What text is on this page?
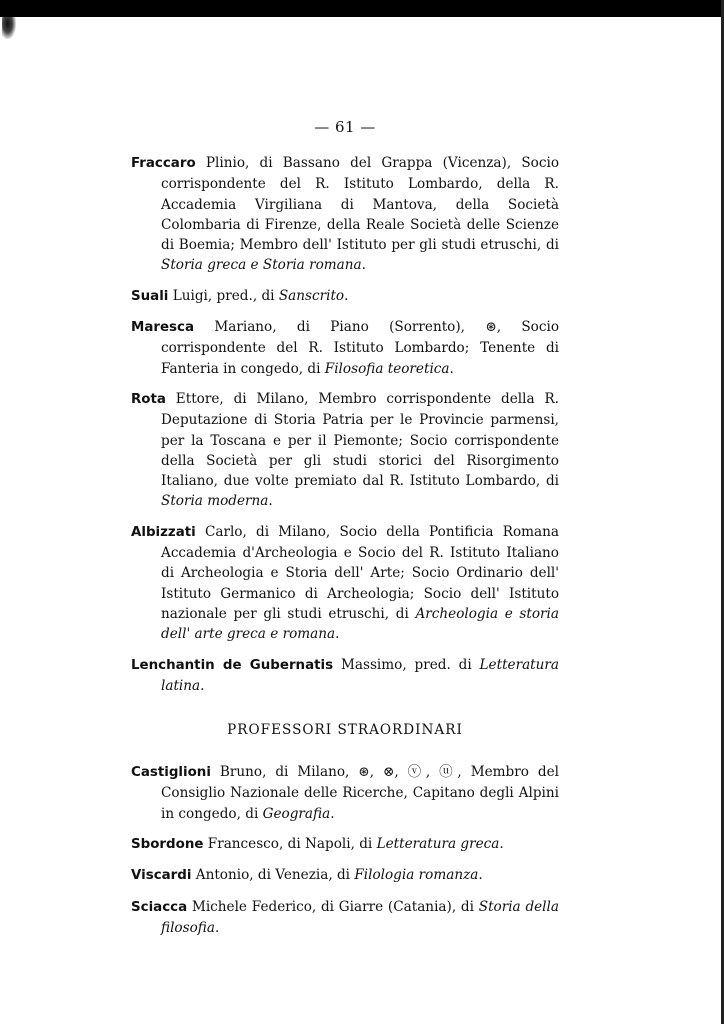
— 61 —

Fraccaro Plinio, di Bassano del Grappa (Vicenza), Socio corrispondente del R. Istituto Lombardo, della R. Accademia Virgiliana di Mantova, della Società Colombaria di Firenze, della Reale Società delle Scienze di Boemia; Membro dell' Istituto per gli studi etruschi, di Storia greca e Storia romana.

Suali Luigi, pred., di Sanscrito.

Maresca Mariano, di Piano (Sorrento), ⊛, Socio corrispondente del R. Istituto Lombardo; Tenente di Fanteria in congedo, di Filosofia teoretica.

Rota Ettore, di Milano, Membro corrispondente della R. Deputazione di Storia Patria per le Provincie parmensi, per la Toscana e per il Piemonte; Socio corrispondente della Società per gli studi storici del Risorgimento Italiano, due volte premiato dal R. Istituto Lombardo, di Storia moderna.

Albizzati Carlo, di Milano, Socio della Pontificia Romana Accademia d'Archeologia e Socio del R. Istituto Italiano di Archeologia e Storia dell' Arte; Socio Ordinario dell' Istituto Germanico di Archeologia; Socio dell' Istituto nazionale per gli studi etruschi, di Archeologia e storia dell' arte greca e romana.

Lenchantin de Gubernatis Massimo, pred. di Letteratura latina.

PROFESSORI STRAORDINARI

Castiglioni Bruno, di Milano, ⊛, ⊗, ⓥ, ⓤ, Membro del Consiglio Nazionale delle Ricerche, Capitano degli Alpini in congedo, di Geografia.

Sbordone Francesco, di Napoli, di Letteratura greca.

Viscardi Antonio, di Venezia, di Filologia romanza.

Sciacca Michele Federico, di Giarre (Catania), di Storia della filosofia.
